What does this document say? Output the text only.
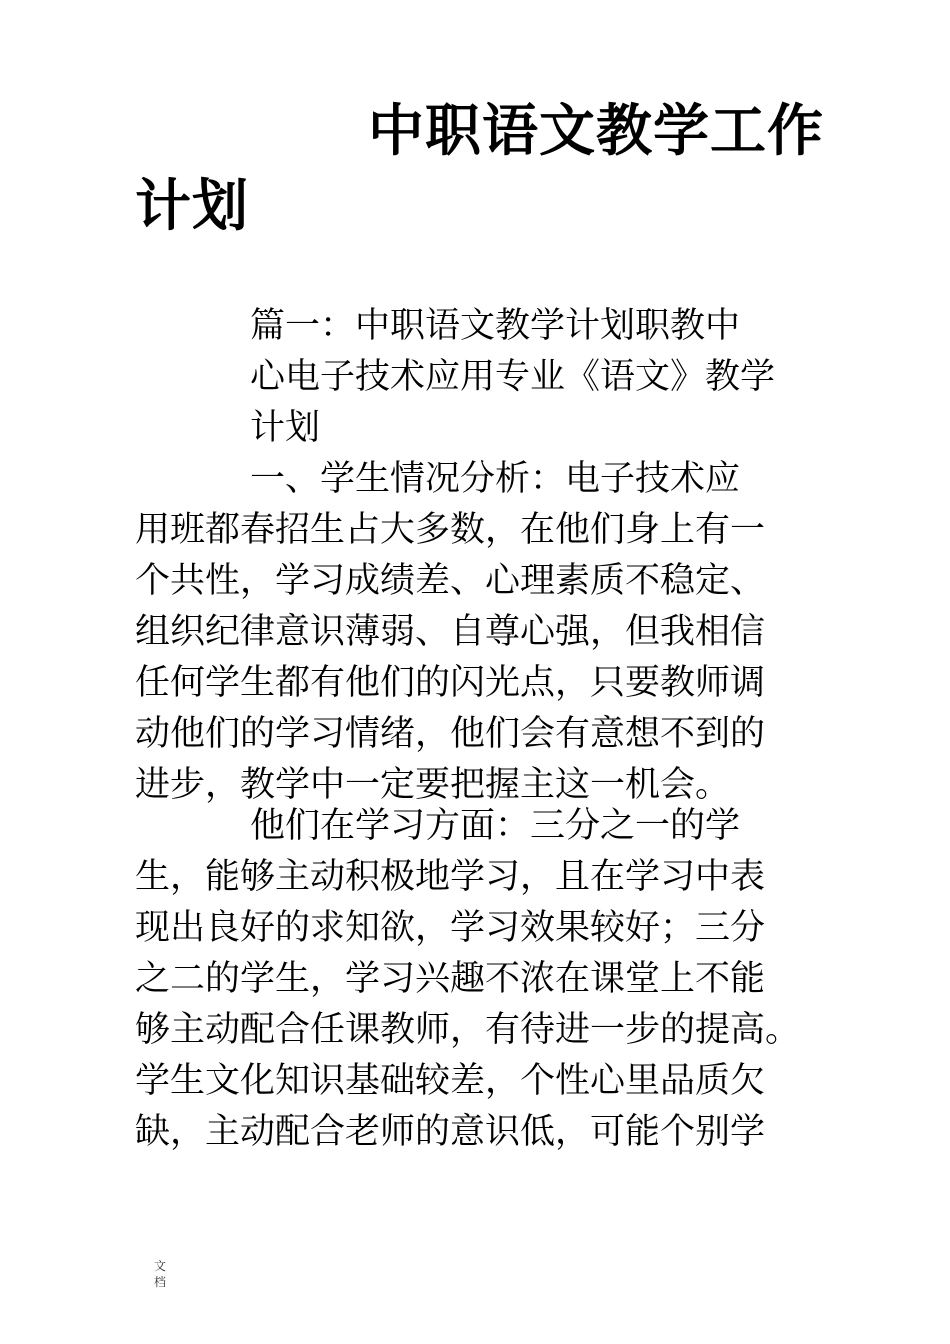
中职语文教学工作
计划
篇一：中职语文教学计划职教中
心电子技术应用专业《语文》教学
计划
一、学生情况分析：电子技术应
用班都春招生占大多数，在他们身上有一
个共性，学习成绩差、心理素质不稳定、
组织纪律意识薄弱、自尊心强，但我相信
任何学生都有他们的闪光点，只要教师调
动他们的学习情绪，他们会有意想不到的
进步，教学中一定要把握主这一机会。
他们在学习方面：三分之一的学
生，能够主动积极地学习，且在学习中表
现出良好的求知欲，学习效果较好；三分
之二的学生，学习兴趣不浓在课堂上不能
够主动配合任课教师，有待进一步的提高。
学生文化知识基础较差，个性心里品质欠
缺，主动配合老师的意识低，可能个别学
文
档
